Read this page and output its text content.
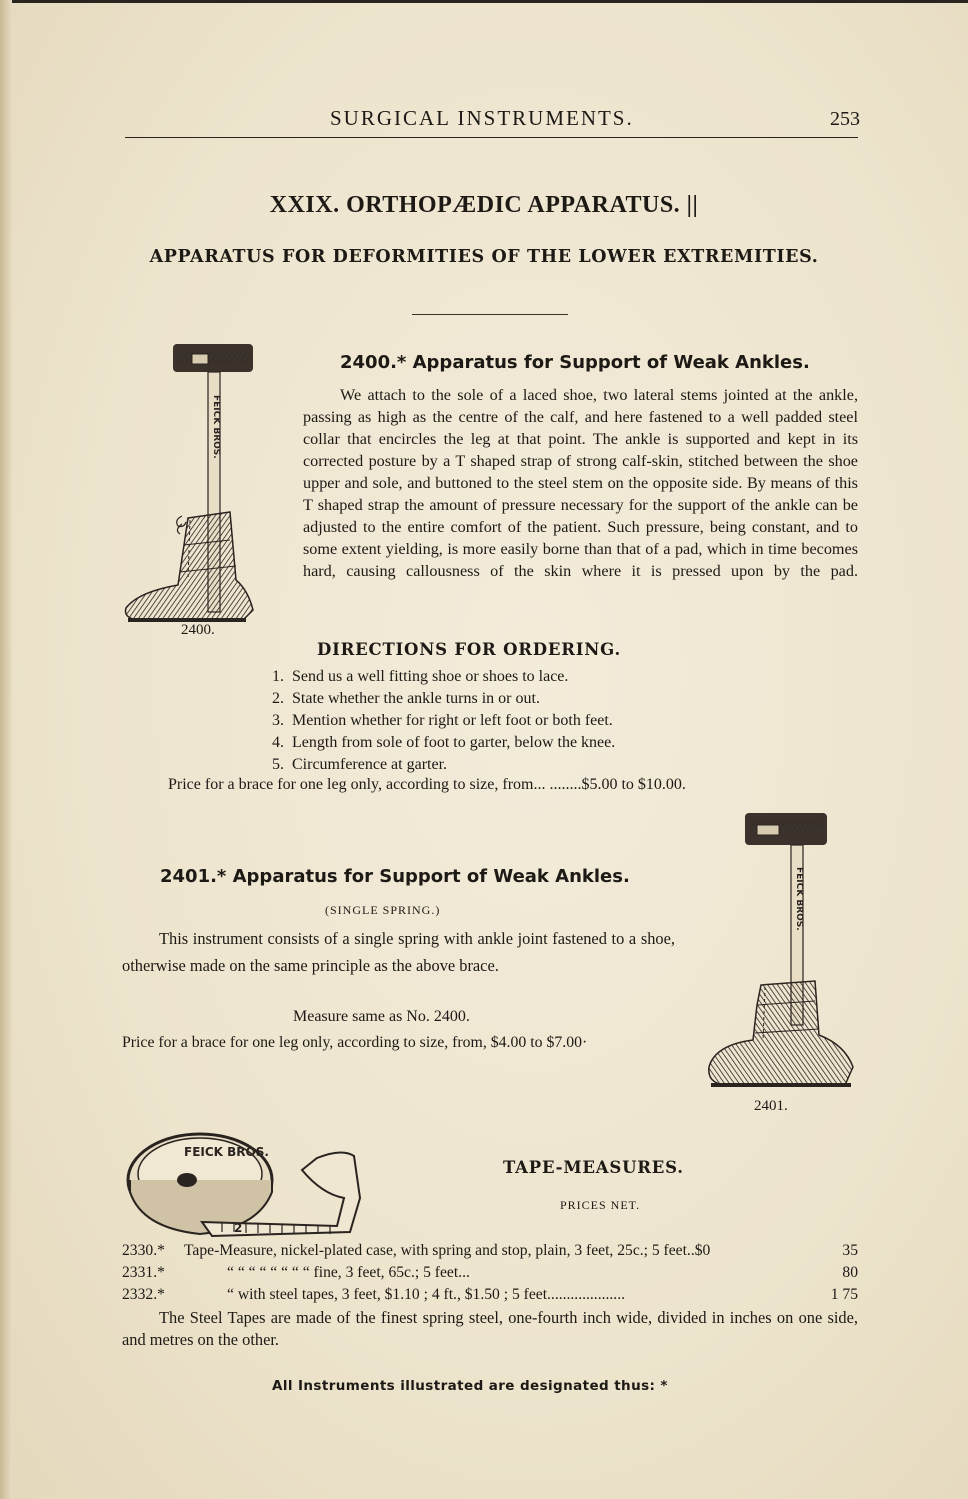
SURGICAL INSTRUMENTS.	253
XXIX. ORTHOPÆDIC APPARATUS. ||
APPARATUS FOR DEFORMITIES OF THE LOWER EXTREMITIES.
FEICK BROS.
2400.
2400.* Apparatus for Support of Weak Ankles.
We attach to the sole of a laced shoe, two lateral stems jointed at the ankle, passing as high as the centre of the calf, and here fastened to a well padded steel collar that encircles the leg at that point. The ankle is supported and kept in its corrected posture by a T shaped strap of strong calf-skin, stitched between the shoe upper and sole, and buttoned to the steel stem on the opposite side. By means of this T shaped strap the amount of pressure necessary for the support of the ankle can be adjusted to the entire comfort of the patient. Such pressure, being constant, and to some extent yielding, is more easily borne than that of a pad, which in time becomes hard, causing callousness of the skin where it is pressed upon by the pad.
DIRECTIONS FOR ORDERING.
1. Send us a well fitting shoe or shoes to lace.
2. State whether the ankle turns in or out.
3. Mention whether for right or left foot or both feet.
4. Length from sole of foot to garter, below the knee.
5. Circumference at garter.
Price for a brace for one leg only, according to size, from... ........$5.00 to $10.00.
FEICK BROS.
2401.
2401.* Apparatus for Support of Weak Ankles.
(SINGLE SPRING.)
This instrument consists of a single spring with ankle joint fastened to a shoe, otherwise made on the same principle as the above brace.
Measure same as No. 2400.
Price for a brace for one leg only, according to size, from, $4.00 to $7.00·
FEICK BROS.
2
TAPE-MEASURES.
PRICES NET.
2330.* Tape-Measure, nickel-plated case, with spring and stop, plain, 3 feet, 25c.; 5 feet..$0	35
2331.*	“ “ “ “ “ “ “ “ fine, 3 feet, 65c.; 5 feet...	80
2332.*	“ with steel tapes, 3 feet, $1.10 ; 4 ft., $1.50 ; 5 feet....................	1 75
The Steel Tapes are made of the finest spring steel, one-fourth inch wide, divided in inches on one side, and metres on the other.
All Instruments illustrated are designated thus: *
